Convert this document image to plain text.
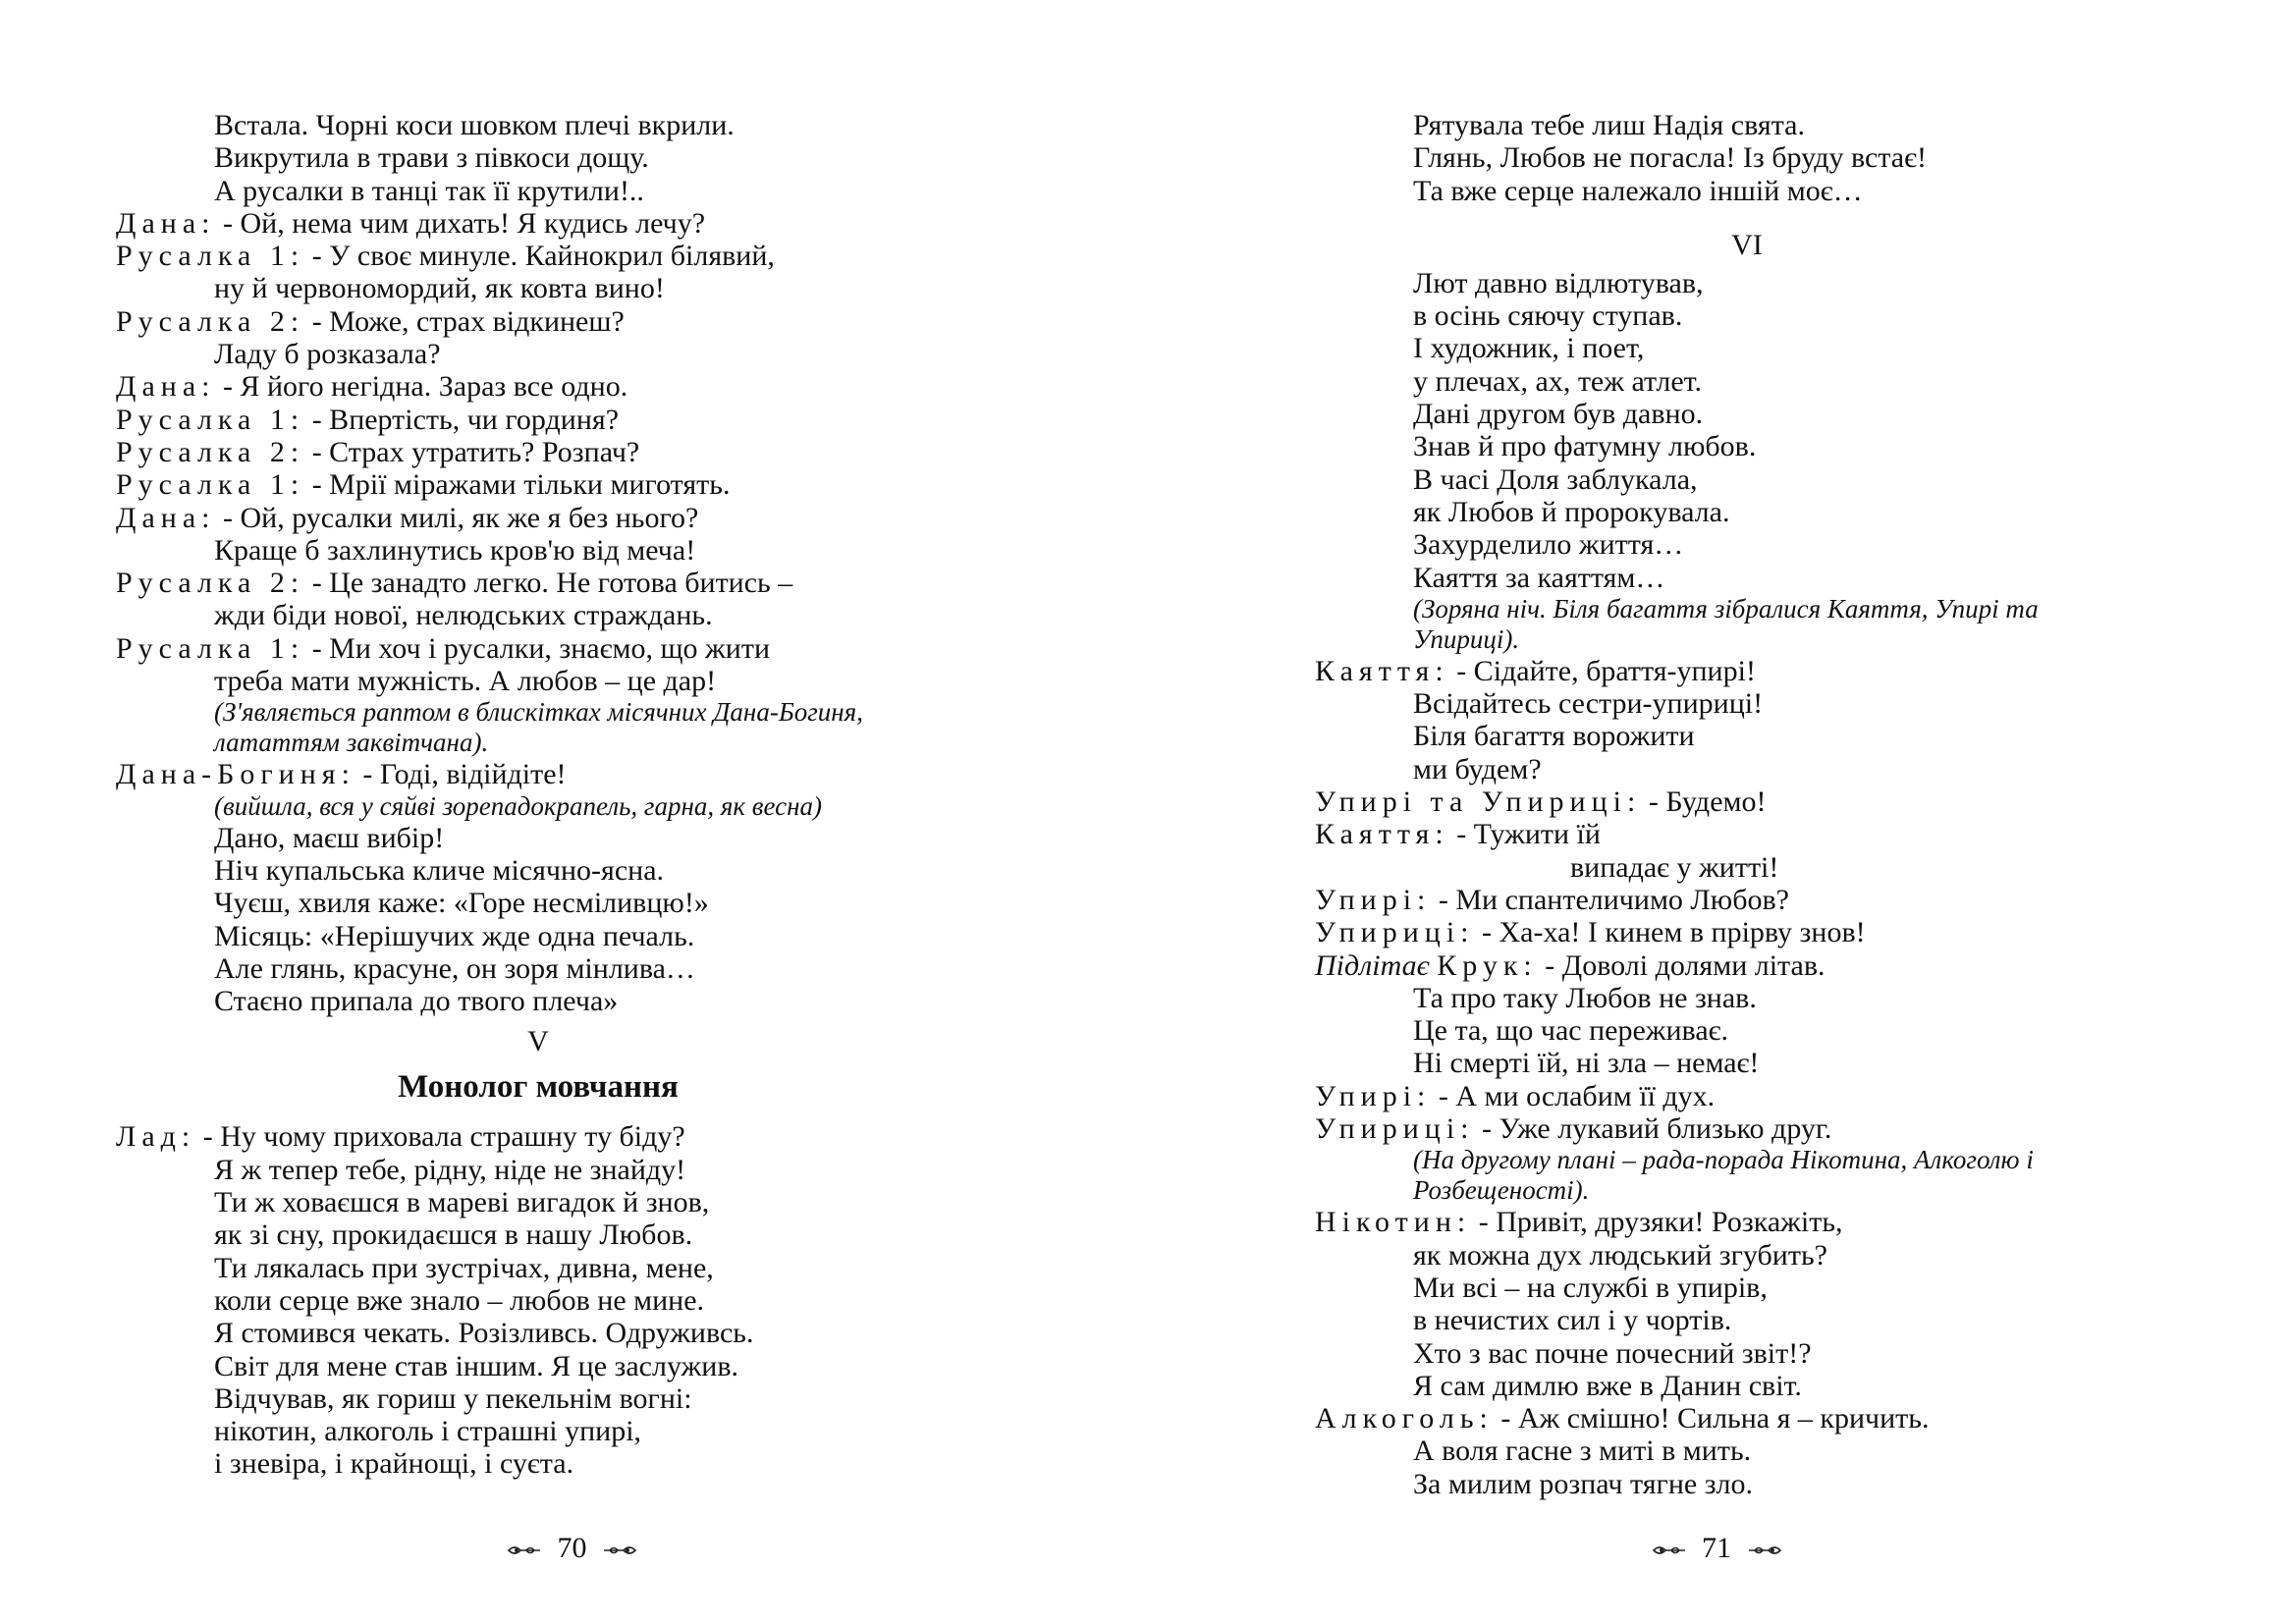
Встала. Чорні коси шовком плечі вкрили.
Викрутила в трави з півкоси дощу.
А русалки в танці так її крутили!..
Дана: - Ой, нема чим дихать! Я кудись лечу?
Русалка 1: - У своє минуле. Кайнокрил білявий,
ну й червономордий, як ковта вино!
Русалка 2: - Може, страх відкинеш?
Ладу б розказала?
Дана: - Я його негідна. Зараз все одно.
Русалка 1: - Впертість, чи гординя?
Русалка 2: - Страх утратить? Розпач?
Русалка 1: - Мрії міражами тільки миготять.
Дана: - Ой, русалки милі, як же я без нього?
Краще б захлинутись кров'ю від меча!
Русалка 2: - Це занадто легко. Не готова битись –
жди біди нової, нелюдських страждань.
Русалка 1: - Ми хоч і русалки, знаємо, що жити
треба мати мужність. А любов – це дар!
(З'являється раптом в блискітках місячних Дана-Богиня,
лататтям заквітчана).
Дана-Богиня: - Годі, відійдіте!
(вийшла, вся у сяйві зорепадокрапель, гарна, як весна)
Дано, маєш вибір!
Ніч купальська кличе місячно-ясна.
Чуєш, хвиля каже: «Горе несміливцю!»
Місяць: «Нерішучих жде одна печаль.
Але глянь, красуне, он зоря мінлива…
Стаєно припала до твого плеча»
V
Монолог мовчання
Лад: - Ну чому приховала страшну ту біду?
Я ж тепер тебе, рідну, ніде не знайду!
Ти ж ховаєшся в мареві вигадок й знов,
як зі сну, прокидаєшся в нашу Любов.
Ти лякалась при зустрічах, дивна, мене,
коли серце вже знало – любов не мине.
Я стомився чекать. Розізливсь. Одруживсь.
Світ для мене став іншим. Я це заслужив.
Відчував, як гориш у пекельнім вогні:
нікотин, алкоголь і страшні упирі,
і зневіра, і крайнощі, і суєта.
70
Рятувала тебе лиш Надія свята.
Глянь, Любов не погасла! Із бруду встає!
Та вже серце належало іншій моє…
VI
Лют давно відлютував,
в осінь сяючу ступав.
І художник, і поет,
у плечах, ах, теж атлет.
Дані другом був давно.
Знав й про фатумну любов.
В часі Доля заблукала,
як Любов й пророкувала.
Захурделило життя…
Каяття за каяттям…
(Зоряна ніч. Біля багаття зібралися Каяття, Упирі та
Упириці).
Каяття: - Сідайте, браття-упирі!
Всідайтесь сестри-упириці!
Біля багаття ворожити
ми будем?
Упирі та Упириці: - Будемо!
Каяття: - Тужити їй
випадає у житті!
Упирі: - Ми спантеличимо Любов?
Упириці: - Ха-ха! І кинем в прірву знов!
Підлітає Крук: - Доволі долями літав.
Та про таку Любов не знав.
Це та, що час переживає.
Ні смерті їй, ні зла – немає!
Упирі: - А ми ослабим її дух.
Упириці: - Уже лукавий близько друг.
(На другому плані – рада-порада Нікотина, Алкоголю і
Розбещеності).
Нікотин: - Привіт, друзяки! Розкажіть,
як можна дух людський згубить?
Ми всі – на службі в упирів,
в нечистих сил і у чортів.
Хто з вас почне почесний звіт!?
Я сам димлю вже в Данин світ.
Алкоголь: - Аж смішно! Сильна я – кричить.
А воля гасне з миті в мить.
За милим розпач тягне зло.
71
